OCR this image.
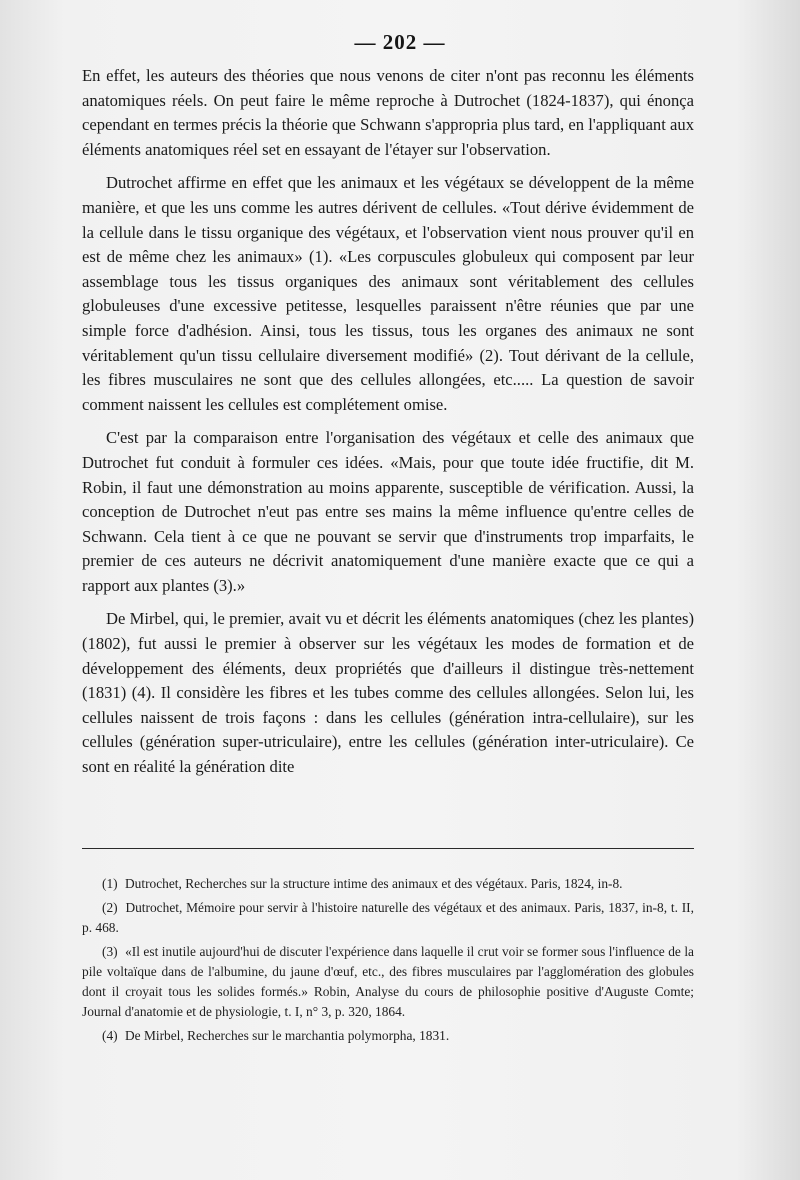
— 202 —

En effet, les auteurs des théories que nous venons de citer n'ont pas reconnu les éléments anatomiques réels. On peut faire le même reproche à Dutrochet (1824-1837), qui énonça cependant en termes précis la théorie que Schwann s'appropria plus tard, en l'appliquant aux éléments anatomiques réel set en essayant de l'étayer sur l'observation.

Dutrochet affirme en effet que les animaux et les végétaux se développent de la même manière, et que les uns comme les autres dérivent de cellules. «Tout dérive évidemment de la cellule dans le tissu organique des végétaux, et l'observation vient nous prouver qu'il en est de même chez les animaux» (1). «Les corpuscules globuleux qui composent par leur assemblage tous les tissus organiques des animaux sont véritablement des cellules globuleuses d'une excessive petitesse, lesquelles paraissent n'être réunies que par une simple force d'adhésion. Ainsi, tous les tissus, tous les organes des animaux ne sont véritablement qu'un tissu cellulaire diversement modifié» (2). Tout dérivant de la cellule, les fibres musculaires ne sont que des cellules allongées, etc..... La question de savoir comment naissent les cellules est complétement omise.

C'est par la comparaison entre l'organisation des végétaux et celle des animaux que Dutrochet fut conduit à formuler ces idées. «Mais, pour que toute idée fructifie, dit M. Robin, il faut une démonstration au moins apparente, susceptible de vérification. Aussi, la conception de Dutrochet n'eut pas entre ses mains la même influence qu'entre celles de Schwann. Cela tient à ce que ne pouvant se servir que d'instruments trop imparfaits, le premier de ces auteurs ne décrivit anatomiquement d'une manière exacte que ce qui a rapport aux plantes (3).»

De Mirbel, qui, le premier, avait vu et décrit les éléments anatomiques (chez les plantes) (1802), fut aussi le premier à observer sur les végétaux les modes de formation et de développement des éléments, deux propriétés que d'ailleurs il distingue très-nettement (1831) (4). Il considère les fibres et les tubes comme des cellules allongées. Selon lui, les cellules naissent de trois façons : dans les cellules (génération intra-cellulaire), sur les cellules (génération super-utriculaire), entre les cellules (génération inter-utriculaire). Ce sont en réalité la génération dite

(1) Dutrochet, Recherches sur la structure intime des animaux et des végétaux. Paris, 1824, in-8.

(2) Dutrochet, Mémoire pour servir à l'histoire naturelle des végétaux et des animaux. Paris, 1837, in-8, t. II, p. 468.

(3) «Il est inutile aujourd'hui de discuter l'expérience dans laquelle il crut voir se former sous l'influence de la pile voltaïque dans de l'albumine, du jaune d'œuf, etc., des fibres musculaires par l'agglomération des globules dont il croyait tous les solides formés.» Robin, Analyse du cours de philosophie positive d'Auguste Comte; Journal d'anatomie et de physiologie, t. I, n° 3, p. 320, 1864.

(4) De Mirbel, Recherches sur le marchantia polymorpha, 1831.
